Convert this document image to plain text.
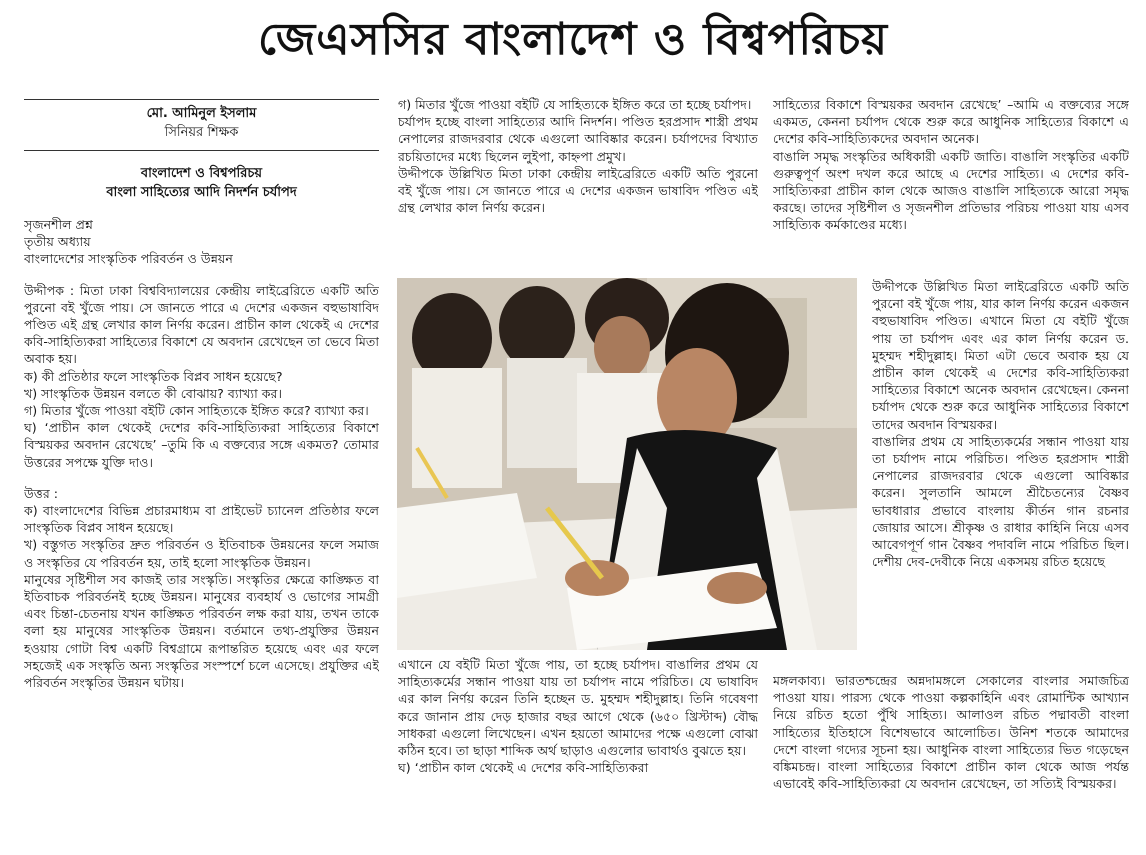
জেএসসির বাংলাদেশ ও বিশ্বপরিচয়
মো. আমিনুল ইসলাম
সিনিয়র শিক্ষক
বাংলাদেশ ও বিশ্বপরিচয়
বাংলা সাহিত্যের আদি নিদর্শন চর্যাপদ

সৃজনশীল প্রশ্ন

তৃতীয় অধ্যায়

বাংলাদেশের সাংস্কৃতিক পরিবর্তন ও উন্নয়ন

উদ্দীপক : মিতা ঢাকা বিশ্ববিদ্যালয়ের কেন্দ্রীয় লাইব্রেরিতে একটি অতি পুরনো বই খুঁজে পায়। সে জানতে পারে এ দেশের একজন বহুভাষাবিদ পণ্ডিত এই গ্রন্থ লেখার কাল নির্ণয় করেন। প্রাচীন কাল থেকেই এ দেশের কবি-সাহিত্যিকরা সাহিত্যের বিকাশে যে অবদান রেখেছেন তা ভেবে মিতা অবাক হয়।

ক) কী প্রতিষ্ঠার ফলে সাংস্কৃতিক বিপ্লব সাধন হয়েছে?

খ) সাংস্কৃতিক উন্নয়ন বলতে কী বোঝায়? ব্যাখ্যা কর।

গ) মিতার খুঁজে পাওয়া বইটি কোন সাহিত্যকে ইঙ্গিত করে? ব্যাখ্যা কর।

ঘ) ‘প্রাচীন কাল থেকেই দেশের কবি-সাহিত্যিকরা সাহিত্যের বিকাশে বিস্ময়কর অবদান রেখেছে’ –তুমি কি এ বক্তব্যের সঙ্গে একমত? তোমার উত্তরের সপক্ষে যুক্তি দাও।

উত্তর :

ক) বাংলাদেশের বিভিন্ন প্রচারমাধ্যম বা প্রাইভেট চ্যানেল প্রতিষ্ঠার ফলে সাংস্কৃতিক বিপ্লব সাধন হয়েছে।

খ) বস্তুগত সংস্কৃতির দ্রুত পরিবর্তন ও ইতিবাচক উন্নয়নের ফলে সমাজ ও সংস্কৃতির যে পরিবর্তন হয়, তাই হলো সাংস্কৃতিক উন্নয়ন।

মানুষের সৃষ্টিশীল সব কাজই তার সংস্কৃতি। সংস্কৃতির ক্ষেত্রে কাঙ্ক্ষিত বা ইতিবাচক পরিবর্তনই হচ্ছে উন্নয়ন। মানুষের ব্যবহার্য ও ভোগের সামগ্রী এবং চিন্তা-চেতনায় যখন কাঙ্ক্ষিত পরিবর্তন লক্ষ করা যায়, তখন তাকে বলা হয় মানুষের সাংস্কৃতিক উন্নয়ন। বর্তমানে তথ্য-প্রযুক্তির উন্নয়ন হওয়ায় গোটা বিশ্ব একটি বিশ্বগ্রামে রূপান্তরিত হয়েছে এবং এর ফলে সহজেই এক সংস্কৃতি অন্য সংস্কৃতির সংস্পর্শে চলে এসেছে। প্রযুক্তির এই পরিবর্তন সংস্কৃতির উন্নয়ন ঘটায়।

গ) মিতার খুঁজে পাওয়া বইটি যে সাহিত্যকে ইঙ্গিত করে তা হচ্ছে চর্যাপদ।

চর্যাপদ হচ্ছে বাংলা সাহিত্যের আদি নিদর্শন। পণ্ডিত হরপ্রসাদ শাস্ত্রী প্রথম নেপালের রাজদরবার থেকে এগুলো আবিষ্কার করেন। চর্যাপদের বিখ্যাত রচয়িতাদের মধ্যে ছিলেন লুইপা, কাহ্নপা প্রমুখ।

উদ্দীপকে উল্লিখিত মিতা ঢাকা কেন্দ্রীয় লাইব্রেরিতে একটি অতি পুরনো বই খুঁজে পায়। সে জানতে পারে এ দেশের একজন ভাষাবিদ পণ্ডিত এই গ্রন্থ লেখার কাল নির্ণয় করেন।

এখানে যে বইটি মিতা খুঁজে পায়, তা হচ্ছে চর্যাপদ। বাঙালির প্রথম যে সাহিত্যকর্মের সন্ধান পাওয়া যায় তা চর্যাপদ নামে পরিচিত। যে ভাষাবিদ এর কাল নির্ণয় করেন তিনি হচ্ছেন ড. মুহম্মদ শহীদুল্লাহ। তিনি গবেষণা করে জানান প্রায় দেড় হাজার বছর আগে থেকে (৬৫০ খ্রিস্টাব্দ) বৌদ্ধ সাধকরা এগুলো লিখেছেন। এখন হয়তো আমাদের পক্ষে এগুলো বোঝা কঠিন হবে। তা ছাড়া শাব্দিক অর্থ ছাড়াও এগুলোর ভাবার্থও বুঝতে হয়।

ঘ) ‘প্রাচীন কাল থেকেই এ দেশের কবি-সাহিত্যিকরা

সাহিত্যের বিকাশে বিস্ময়কর অবদান রেখেছে’ –আমি এ বক্তব্যের সঙ্গে একমত, কেননা চর্যাপদ থেকে শুরু করে আধুনিক সাহিত্যের বিকাশে এ দেশের কবি-সাহিত্যিকদের অবদান অনেক।

বাঙালি সমৃদ্ধ সংস্কৃতির অধিকারী একটি জাতি। বাঙালি সংস্কৃতির একটি গুরুত্বপূর্ণ অংশ দখল করে আছে এ দেশের সাহিত্য। এ দেশের কবি-সাহিত্যিকরা প্রাচীন কাল থেকে আজও বাঙালি সাহিত্যকে আরো সমৃদ্ধ করছে। তাদের সৃষ্টিশীল ও সৃজনশীল প্রতিভার পরিচয় পাওয়া যায় এসব সাহিত্যিক কর্মকাণ্ডের মধ্যে।

উদ্দীপকে উল্লিখিত মিতা লাইব্রেরিতে একটি অতি পুরনো বই খুঁজে পায়, যার কাল নির্ণয় করেন একজন বহুভাষাবিদ পণ্ডিত। এখানে মিতা যে বইটি খুঁজে পায় তা চর্যাপদ এবং এর কাল নির্ণয় করেন ড. মুহম্মদ শহীদুল্লাহ। মিতা এটা ভেবে অবাক হয় যে প্রাচীন কাল থেকেই এ দেশের কবি-সাহিত্যিকরা সাহিত্যের বিকাশে অনেক অবদান রেখেছেন। কেননা চর্যাপদ থেকে শুরু করে আধুনিক সাহিত্যের বিকাশে তাদের অবদান বিস্ময়কর।

বাঙালির প্রথম যে সাহিত্যকর্মের সন্ধান পাওয়া যায় তা চর্যাপদ নামে পরিচিত। পণ্ডিত হরপ্রসাদ শাস্ত্রী নেপালের রাজদরবার থেকে এগুলো আবিষ্কার করেন। সুলতানি আমলে শ্রীচৈতন্যের বৈষ্ণব ভাবধারার প্রভাবে বাংলায় কীর্তন গান রচনার জোয়ার আসে। শ্রীকৃষ্ণ ও রাধার কাহিনি নিয়ে এসব আবেগপূর্ণ গান বৈষ্ণব পদাবলি নামে পরিচিত ছিল। দেশীয় দেব-দেবীকে নিয়ে একসময় রচিত হয়েছে

মঙ্গলকাব্য। ভারতশ্চন্দ্রের অন্নদামঙ্গলে সেকালের বাংলার সমাজচিত্র পাওয়া যায়। পারস্য থেকে পাওয়া কল্পকাহিনি এবং রোমান্টিক আখ্যান নিয়ে রচিত হতো পুঁথি সাহিত্য। আলাওল রচিত পদ্মাবতী বাংলা সাহিত্যের ইতিহাসে বিশেষভাবে আলোচিত। উনিশ শতকে আমাদের দেশে বাংলা গদ্যের সূচনা হয়। আধুনিক বাংলা সাহিত্যের ভিত গড়েছেন বঙ্কিমচন্দ্র। বাংলা সাহিত্যের বিকাশে প্রাচীন কাল থেকে আজ পর্যন্ত এভাবেই কবি-সাহিত্যিকরা যে অবদান রেখেছেন, তা সত্যিই বিস্ময়কর।
